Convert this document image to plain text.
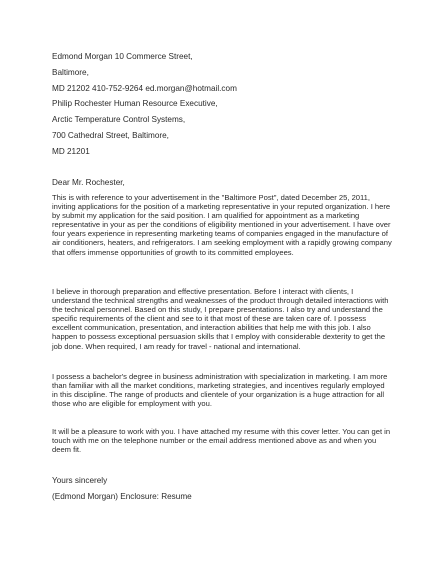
Edmond Morgan 10 Commerce Street,
Baltimore,
MD 21202 410-752-9264 ed.morgan@hotmail.com
Philip Rochester Human Resource Executive,
Arctic Temperature Control Systems,
700 Cathedral Street, Baltimore,
MD 21201
Dear Mr. Rochester,
This is with reference to your advertisement in the "Baltimore Post", dated December 25, 2011, inviting applications for the position of a marketing representative in your reputed organization. I here by submit my application for the said position. I am qualified for appointment as a marketing representative in your as per the conditions of eligibility mentioned in your advertisement. I have over four years experience in representing marketing teams of companies engaged in the manufacture of air conditioners, heaters, and refrigerators. I am seeking employment with a rapidly growing company that offers immense opportunities of growth to its committed employees.
I believe in thorough preparation and effective presentation. Before I interact with clients, I understand the technical strengths and weaknesses of the product through detailed interactions with the technical personnel. Based on this study, I prepare presentations. I also try and understand the specific requirements of the client and see to it that most of these are taken care of. I possess excellent communication, presentation, and interaction abilities that help me with this job. I also happen to possess exceptional persuasion skills that I employ with considerable dexterity to get the job done. When required, I am ready for travel - national and international.
I possess a bachelor's degree in business administration with specialization in marketing. I am more than familiar with all the market conditions, marketing strategies, and incentives regularly employed in this discipline. The range of products and clientele of your organization is a huge attraction for all those who are eligible for employment with you.
It will be a pleasure to work with you. I have attached my resume with this cover letter. You can get in touch with me on the telephone number or the email address mentioned above as and when you deem fit.
Yours sincerely
(Edmond Morgan) Enclosure: Resume
